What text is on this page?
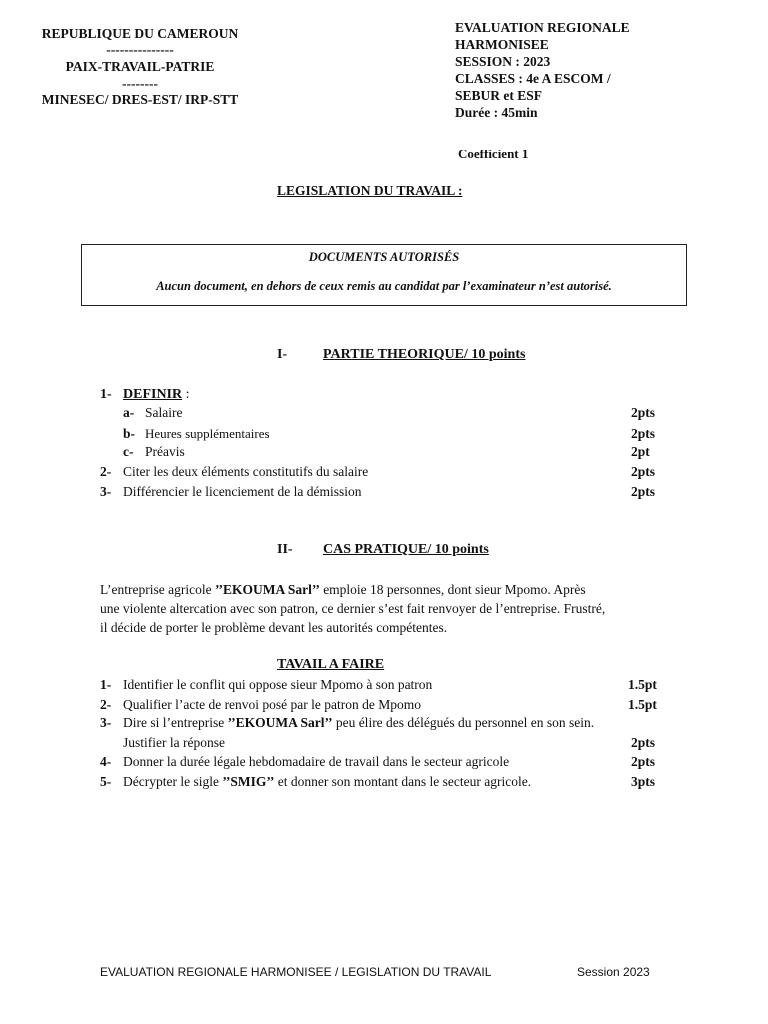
REPUBLIQUE DU CAMEROUN
---------------
PAIX-TRAVAIL-PATRIE
--------
MINESEC/ DRES-EST/ IRP-STT
EVALUATION REGIONALE
HARMONISEE
SESSION : 2023
CLASSES : 4e A ESCOM /
SEBUR et ESF
Durée : 45min
Coefficient 1
LEGISLATION DU TRAVAIL :
DOCUMENTS AUTORISÉS
Aucun document, en dehors de ceux remis au candidat par l’examinateur n’est autorisé.
I-	PARTIE THEORIQUE/ 10 points
1- DEFINIR :
a- Salaire	2pts
b- Heures supplémentaires	2pts
c- Préavis	2pt
2- Citer les deux éléments constitutifs du salaire	2pts
3- Différencier le licenciement de la démission	2pts
II- CAS PRATIQUE/ 10 points
L’entreprise agricole ’’EKOUMA Sarl’’ emploie 18 personnes, dont sieur Mpomo. Après
une violente altercation avec son patron, ce dernier s’est fait renvoyer de l’entreprise. Frustré,
il décide de porter le problème devant les autorités compétentes.
TAVAIL A FAIRE
1- Identifier le conflit qui oppose sieur Mpomo à son patron	1.5pt
2- Qualifier l’acte de renvoi posé par le patron de Mpomo	1.5pt
3- Dire si l’entreprise ’’EKOUMA Sarl’’ peu élire des délégués du personnel en son sein.
Justifier la réponse	2pts
4- Donner la durée légale hebdomadaire de travail dans le secteur agricole	2pts
5- Décrypter le sigle ’’SMIG’’ et donner son montant dans le secteur agricole.	3pts
EVALUATION REGIONALE HARMONISEE / LEGISLATION DU TRAVAIL	Session 2023
